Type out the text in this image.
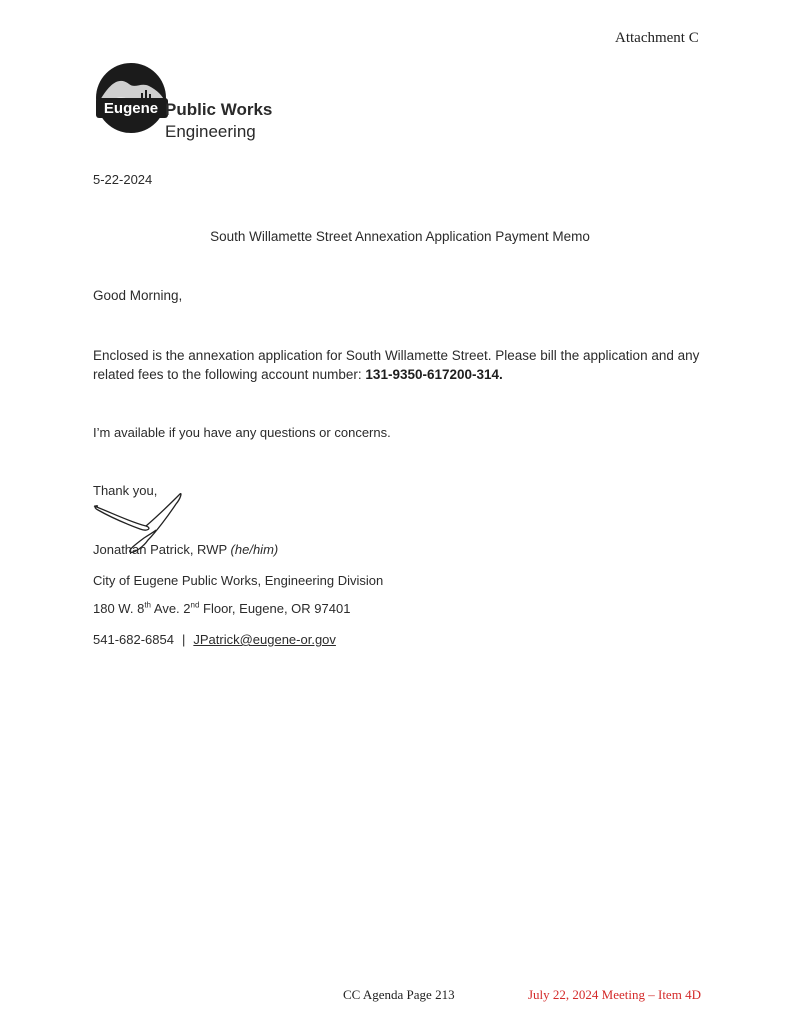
Attachment C
Eugene Public Works
Engineering
5-22-2024
South Willamette Street Annexation Application Payment Memo
Good Morning,
Enclosed is the annexation application for South Willamette Street. Please bill the application and any related fees to the following account number: 131-9350-617200-314.
I’m available if you have any questions or concerns.
Thank you,
Jonathan Patrick, RWP (he/him)
City of Eugene Public Works, Engineering Division
180 W. 8th Ave. 2nd Floor, Eugene, OR 97401
541-682-6854 | JPatrick@eugene-or.gov
CC Agenda Page 213	July 22, 2024 Meeting – Item 4D
